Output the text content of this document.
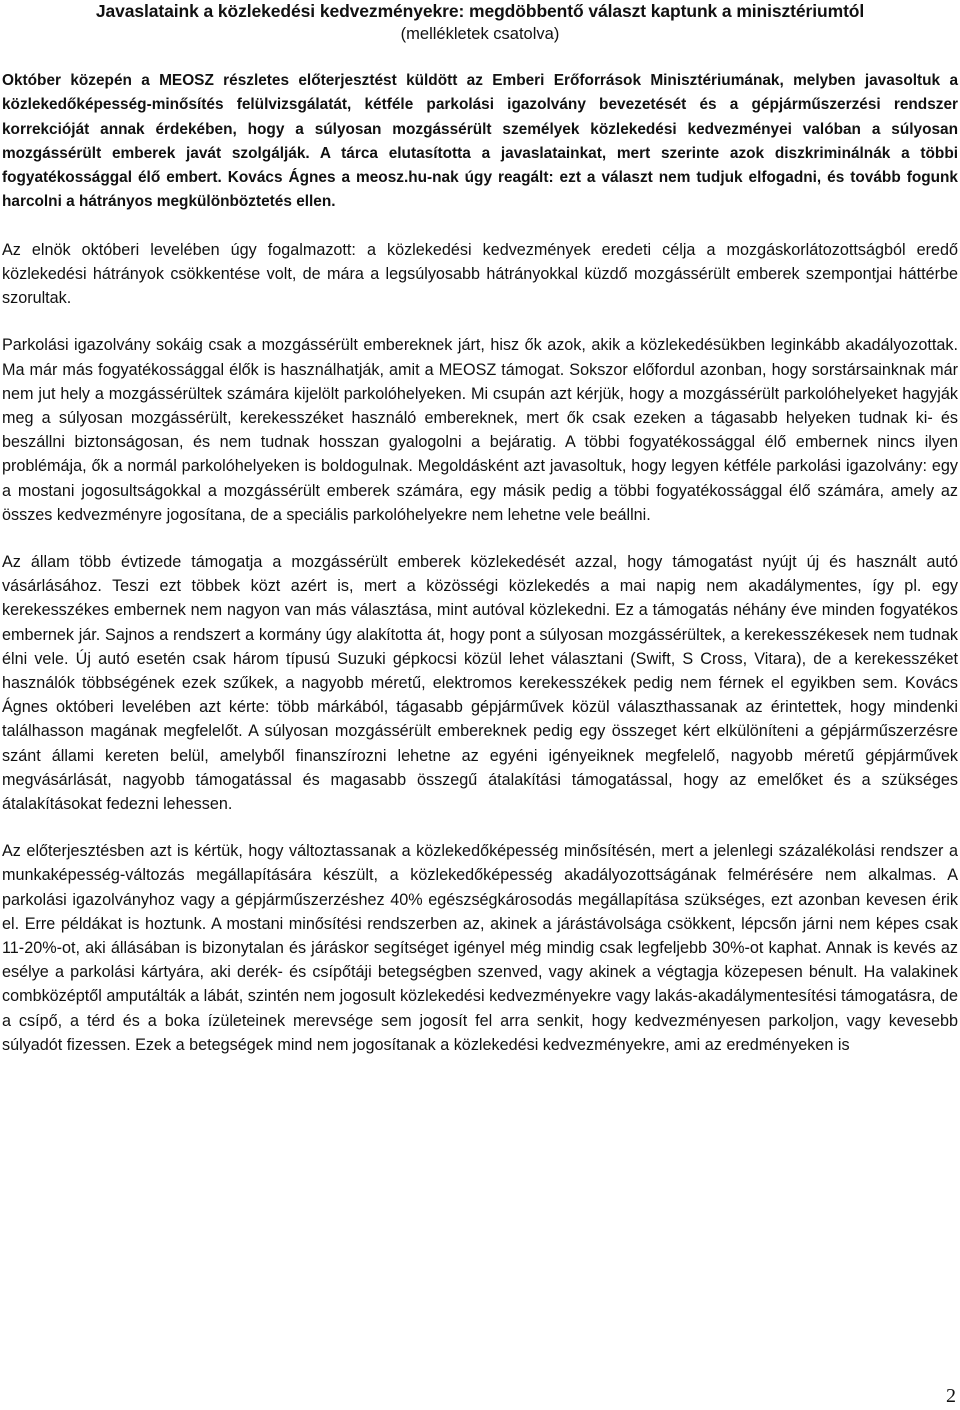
Javaslataink a közlekedési kedvezményekre: megdöbbentő választ kaptunk a minisztériumtól
(mellékletek csatolva)

Október közepén a MEOSZ részletes előterjesztést küldött az Emberi Erőforrások Minisztériumának, melyben javasoltuk a közlekedőképesség-minősítés felülvizsgálatát, kétféle parkolási igazolvány bevezetését és a gépjárműszerzési rendszer korrekcióját annak érdekében, hogy a súlyosan mozgássérült személyek közlekedési kedvezményei valóban a súlyosan mozgássérült emberek javát szolgálják. A tárca elutasította a javaslatainkat, mert szerinte azok diszkriminálnák a többi fogyatékossággal élő embert. Kovács Ágnes a meosz.hu-nak úgy reagált: ezt a választ nem tudjuk elfogadni, és tovább fogunk harcolni a hátrányos megkülönböztetés ellen.

Az elnök októberi levelében úgy fogalmazott: a közlekedési kedvezmények eredeti célja a mozgáskorlátozottságból eredő közlekedési hátrányok csökkentése volt, de mára a legsúlyosabb hátrányokkal küzdő mozgássérült emberek szempontjai háttérbe szorultak.

Parkolási igazolvány sokáig csak a mozgássérült embereknek járt, hisz ők azok, akik a közlekedésükben leginkább akadályozottak. Ma már más fogyatékossággal élők is használhatják, amit a MEOSZ támogat. Sokszor előfordul azonban, hogy sorstársainknak már nem jut hely a mozgássérültek számára kijelölt parkolóhelyeken. Mi csupán azt kérjük, hogy a mozgássérült parkolóhelyeket hagyják meg a súlyosan mozgássérült, kerekesszéket használó embereknek, mert ők csak ezeken a tágasabb helyeken tudnak ki- és beszállni biztonságosan, és nem tudnak hosszan gyalogolni a bejáratig. A többi fogyatékossággal élő embernek nincs ilyen problémája, ők a normál parkolóhelyeken is boldogulnak. Megoldásként azt javasoltuk, hogy legyen kétféle parkolási igazolvány: egy a mostani jogosultságokkal a mozgássérült emberek számára, egy másik pedig a többi fogyatékossággal élő számára, amely az összes kedvezményre jogosítana, de a speciális parkolóhelyekre nem lehetne vele beállni.

Az állam több évtizede támogatja a mozgássérült emberek közlekedését azzal, hogy támogatást nyújt új és használt autó vásárlásához. Teszi ezt többek közt azért is, mert a közösségi közlekedés a mai napig nem akadálymentes, így pl. egy kerekesszékes embernek nem nagyon van más választása, mint autóval közlekedni. Ez a támogatás néhány éve minden fogyatékos embernek jár. Sajnos a rendszert a kormány úgy alakította át, hogy pont a súlyosan mozgássérültek, a kerekesszékesek nem tudnak élni vele. Új autó esetén csak három típusú Suzuki gépkocsi közül lehet választani (Swift, S Cross, Vitara), de a kerekesszéket használók többségének ezek szűkek, a nagyobb méretű, elektromos kerekesszékek pedig nem férnek el egyikben sem. Kovács Ágnes októberi levelében azt kérte: több márkából, tágasabb gépjárművek közül választhassanak az érintettek, hogy mindenki találhasson magának megfelelőt. A súlyosan mozgássérült embereknek pedig egy összeget kért elkülöníteni a gépjárműszerzésre szánt állami kereten belül, amelyből finanszírozni lehetne az egyéni igényeiknek megfelelő, nagyobb méretű gépjárművek megvásárlását, nagyobb támogatással és magasabb összegű átalakítási támogatással, hogy az emelőket és a szükséges átalakításokat fedezni lehessen.

Az előterjesztésben azt is kértük, hogy változtassanak a közlekedőképesség minősítésén, mert a jelenlegi százalékolási rendszer a munkaképesség-változás megállapítására készült, a közlekedőképesség akadályozottságának felmérésére nem alkalmas. A parkolási igazolványhoz vagy a gépjárműszerzéshez 40% egészségkárosodás megállapítása szükséges, ezt azonban kevesen érik el. Erre példákat is hoztunk. A mostani minősítési rendszerben az, akinek a járástávolsága csökkent, lépcsőn járni nem képes csak 11-20%-ot, aki állásában is bizonytalan és járáskor segítséget igényel még mindig csak legfeljebb 30%-ot kaphat. Annak is kevés az esélye a parkolási kártyára, aki derék- és csípőtáji betegségben szenved, vagy akinek a végtagja közepesen bénult. Ha valakinek combközéptől amputálták a lábát, szintén nem jogosult közlekedési kedvezményekre vagy lakás-akadálymentesítési támogatásra, de a csípő, a térd és a boka ízületeinek merevsége sem jogosít fel arra senkit, hogy kedvezményesen parkoljon, vagy kevesebb súlyadót fizessen. Ezek a betegségek mind nem jogosítanak a közlekedési kedvezményekre, ami az eredményeken is

2
